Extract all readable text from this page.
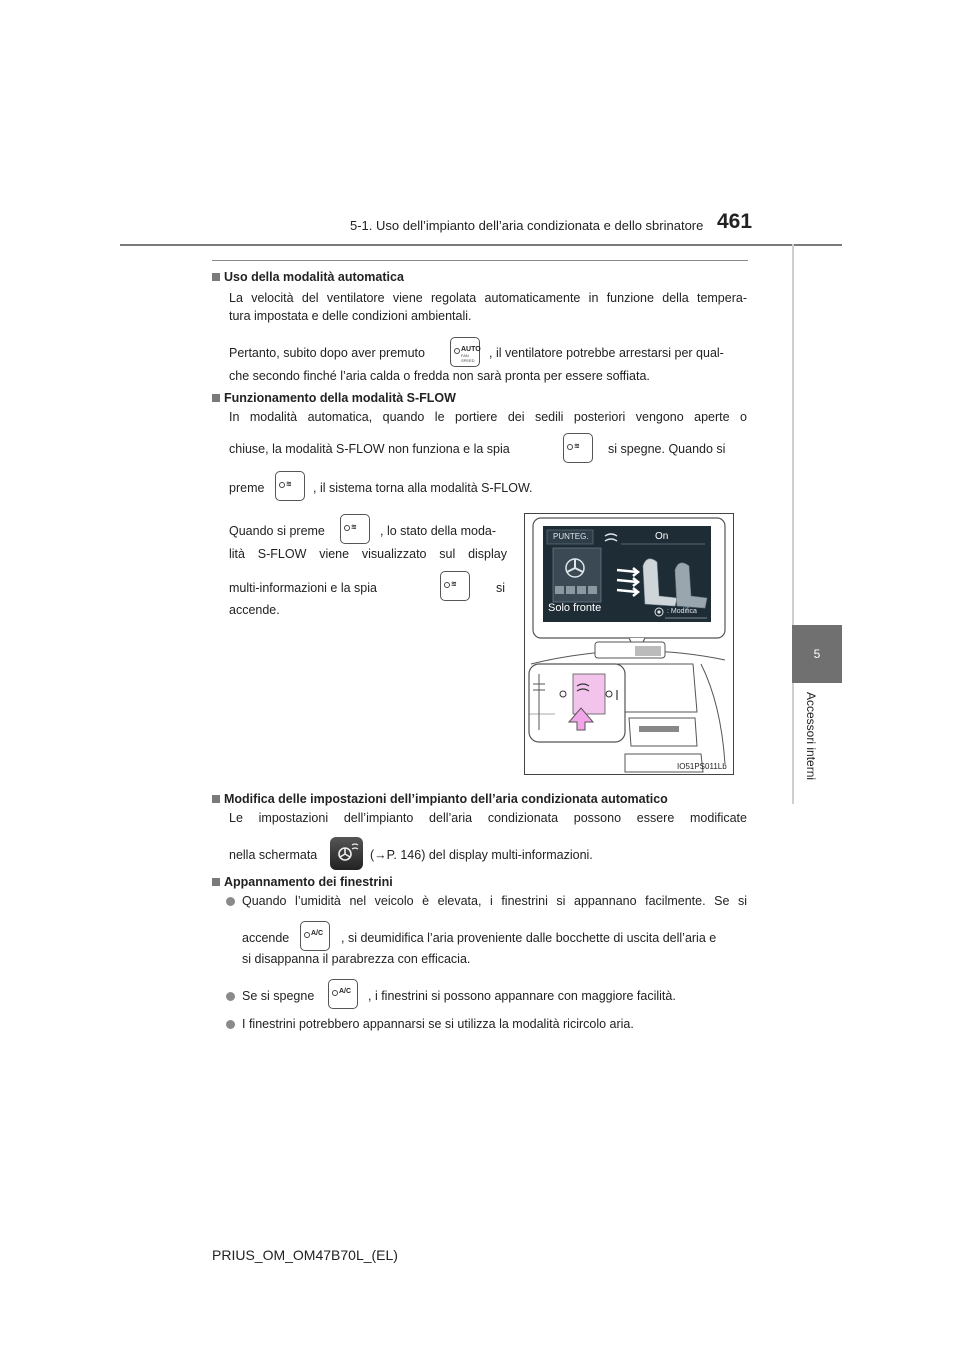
5-1. Uso dell’impianto dell’aria condizionata e dello sbrinatore 461
5
Accessori interni
Uso della modalità automatica
La velocità del ventilatore viene regolata automaticamente in funzione della tempera-
tura impostata e delle condizioni ambientali.
Pertanto, subito dopo aver premuto	AUTO
FAN SPEED
, il ventilatore potrebbe arrestarsi per qual-
che secondo finché l’aria calda o fredda non sarà pronta per essere soffiata.
Funzionamento della modalità S-FLOW
In modalità automatica, quando le portiere dei sedili posteriori vengono aperte o
chiuse, la modalità S-FLOW non funziona e la spia	≋ si spegne. Quando si
preme	≋ , il sistema torna alla modalità S-FLOW.
Quando si preme	≋ , lo stato della moda-
lità S-FLOW viene visualizzato sul display
multi-informazioni e la spia	≋	si
accende.
PUNTEG.	On
Solo fronte	: Modifica
IO51PS011Lb
Modifica delle impostazioni dell’impianto dell’aria condizionata automatico
Le impostazioni dell’impianto dell’aria condizionata possono essere modificate
nella schermata	(→P. 146) del display multi-informazioni.
Appannamento dei finestrini
Quando l’umidità nel veicolo è elevata, i finestrini si appannano facilmente. Se si
accende	A/C , si deumidifica l’aria proveniente dalle bocchette di uscita dell’aria e
si disappanna il parabrezza con efficacia.
Se si spegne	A/C , i finestrini si possono appannare con maggiore facilità.
I finestrini potrebbero appannarsi se si utilizza la modalità ricircolo aria.
PRIUS_OM_OM47B70L_(EL)
